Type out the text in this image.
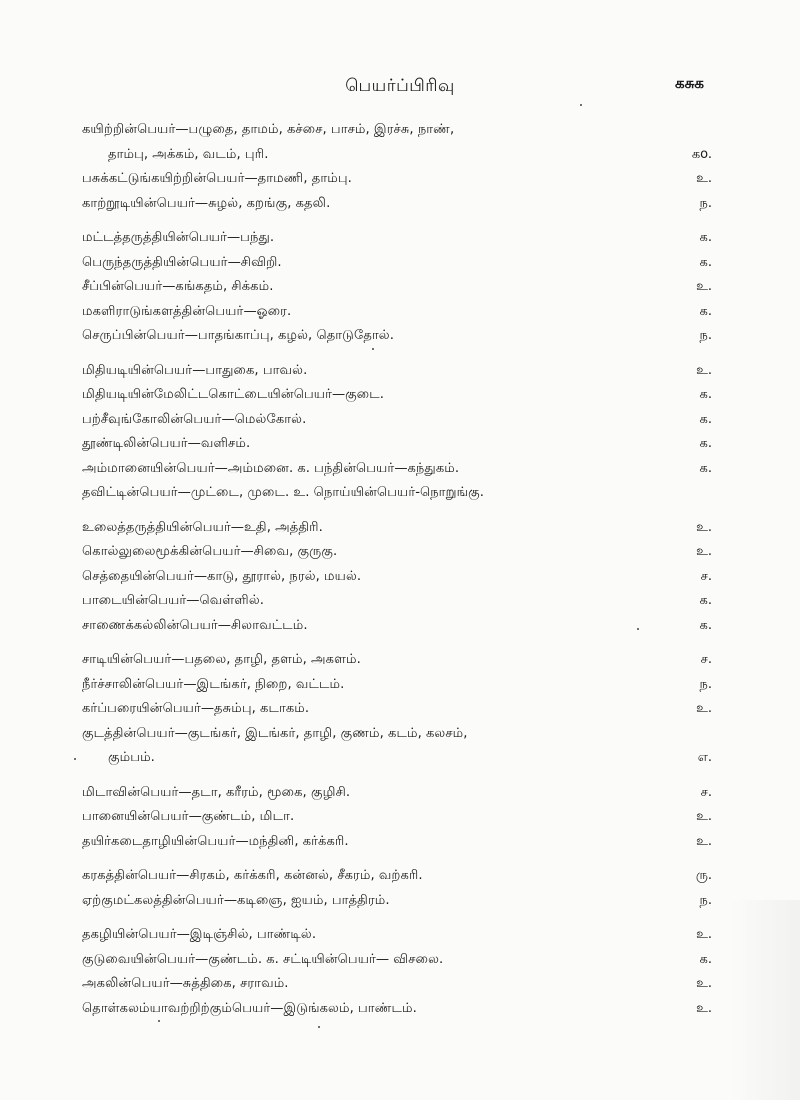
பெயர்ப்பிரிவு	கசுக
கயிற்றின்பெயர்—பழுதை, தாமம், கச்சை, பாசம், இரச்சு, நாண்,
தாம்பு, அக்கம், வடம், புரி.	கo.
பசுக்கட்டுங்கயிற்றின்பெயர்—தாமணி, தாம்பு.	உ.
காற்றூடியின்பெயர்—சுழல், கறங்கு, கதலி.	ந.
மட்டத்தருத்தியின்பெயர்—பந்து.	க.
பெருந்தருத்தியின்பெயர்—சிவிறி.	க.
சீப்பின்பெயர்—கங்கதம், சிக்கம்.	உ.
மகளிராடுங்களத்தின்பெயர்—ஓரை.	க.
செருப்பின்பெயர்—பாதங்காப்பு, கழல், தொடுதோல்.	ந.
மிதியடியின்பெயர்—பாதுகை, பாவல்.	உ.
மிதியடியின்மேலிட்டகொட்டையின்பெயர்—குடை.	க.
பற்சீவுங்கோலின்பெயர்—மெல்கோல்.	க.
தூண்டிலின்பெயர்—வளிசம்.	க.
அம்மானையின்பெயர்—அம்மனை. க. பந்தின்பெயர்—கந்துகம்.	க.
தவிட்டின்பெயர்—முட்டை, முடை. உ. நொய்யின்பெயர்-நொறுங்கு.
உலைத்தருத்தியின்பெயர்—உதி, அத்திரி.	உ.
கொல்லுலைமூக்கின்பெயர்—சிவை, குருகு.	உ.
செத்தையின்பெயர்—காடு, தூரால், நரல், மயல்.	ச.
பாடையின்பெயர்—வெள்ளில்.	க.
சாணைக்கல்லின்பெயர்—சிலாவட்டம்.	க.
சாடியின்பெயர்—பதலை, தாழி, தளம், அகளம்.	ச.
நீர்ச்சாலின்பெயர்—இடங்கர், நிறை, வட்டம்.	ந.
கர்ப்பரையின்பெயர்—தசும்பு, கடாகம்.	உ.
குடத்தின்பெயர்—குடங்கர், இடங்கர், தாழி, குணம், கடம், கலசம்,
கும்பம்.	எ.
மிடாவின்பெயர்—தடா, கரீரம், மூகை, குழிசி.	ச.
பானையின்பெயர்—குண்டம், மிடா.	உ.
தயிர்கடைதாழியின்பெயர்—மந்தினி, கர்க்கரி.	உ.
கரகத்தின்பெயர்—சிரகம், கர்க்கரி, கன்னல், சீகரம், வற்கரி.	ரு.
ஏற்குமட்கலத்தின்பெயர்—கடிஞை, ஐயம், பாத்திரம்.	ந.
தகழியின்பெயர்—இடிஞ்சில், பாண்டில்.	உ.
குடுவையின்பெயர்—குண்டம். க. சட்டியின்பெயர்— விசலை.	க.
அகலின்பெயர்—சுத்திகை, சராவம்.	உ.
தொள்கலம்யாவற்றிற்கும்பெயர்—இடுங்கலம், பாண்டம்.	உ.
